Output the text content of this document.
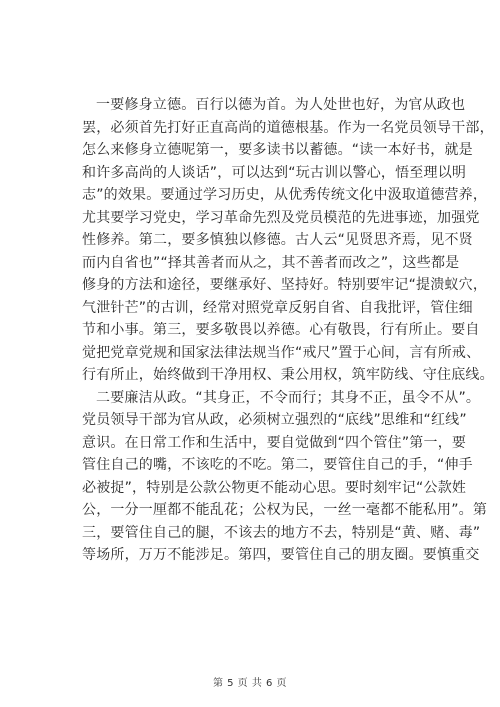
一要修身立德。百行以德为首。为人处世也好，为官从政也
罢，必须首先打好正直高尚的道德根基。作为一名党员领导干部，
怎么来修身立德呢第一，要多读书以蓄德。“读一本好书，就是
和许多高尚的人谈话”，可以达到“玩古训以警心，悟至理以明
志”的效果。要通过学习历史，从优秀传统文化中汲取道德营养，
尤其要学习党史，学习革命先烈及党员模范的先进事迹，加强党
性修养。第二，要多慎独以修德。古人云“见贤思齐焉，见不贤
而内自省也”“择其善者而从之，其不善者而改之”，这些都是
修身的方法和途径，要继承好、坚持好。特别要牢记“提溃蚁穴，
气泄针芒”的古训，经常对照党章反躬自省、自我批评，管住细
节和小事。第三，要多敬畏以养德。心有敬畏，行有所止。要自
觉把党章党规和国家法律法规当作“戒尺”置于心间，言有所戒、
行有所止，始终做到干净用权、秉公用权，筑牢防线、守住底线。
二要廉洁从政。“其身正，不令而行；其身不正，虽令不从”。
党员领导干部为官从政，必须树立强烈的“底线”思维和“红线”
意识。在日常工作和生活中，要自觉做到“四个管住”第一，要
管住自己的嘴，不该吃的不吃。第二，要管住自己的手，“伸手
必被捉”，特别是公款公物更不能动心思。要时刻牢记“公款姓
公，一分一厘都不能乱花；公权为民，一丝一毫都不能私用”。第
三，要管住自己的腿，不该去的地方不去，特别是“黄、赌、毒”
等场所，万万不能涉足。第四，要管住自己的朋友圈。要慎重交
第 5 页 共 6 页
